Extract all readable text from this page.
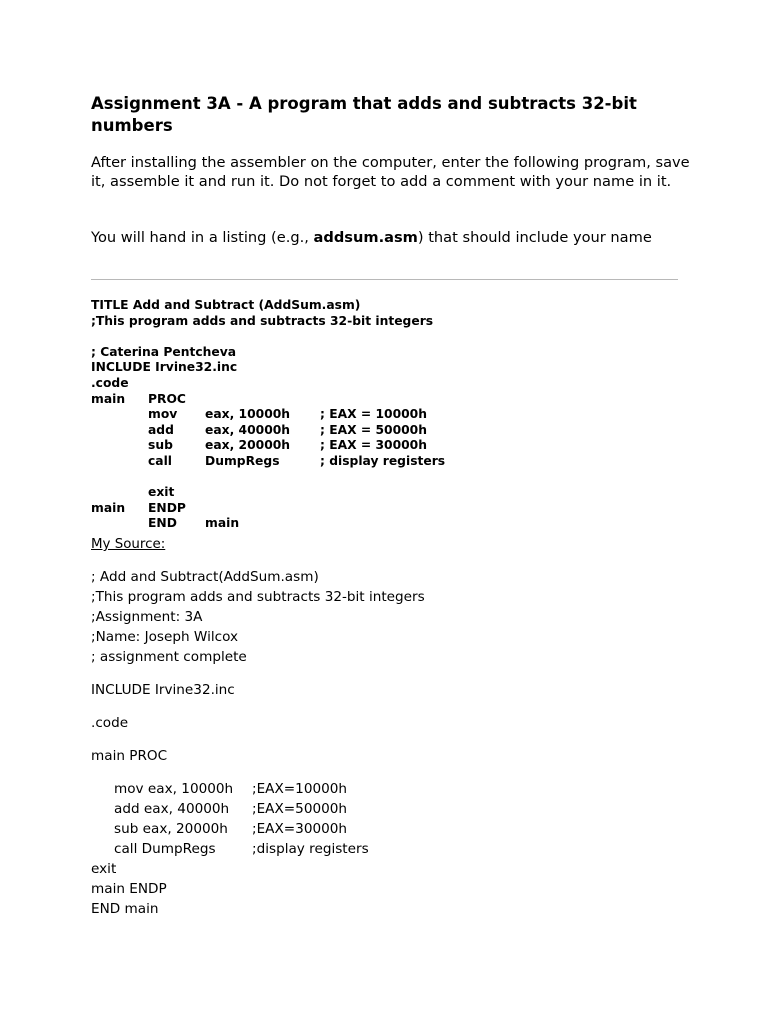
Assignment 3A - A program that adds and subtracts 32-bit numbers

After installing the assembler on the computer, enter the following program, save it, assemble it and run it. Do not forget to add a comment with your name in it.

You will hand in a listing (e.g., addsum.asm) that should include your name

TITLE Add and Subtract (AddSum.asm)
;This program adds and subtracts 32-bit integers
; Caterina Pentcheva
INCLUDE Irvine32.inc
.code
main PROC
mov eax, 10000h ; EAX = 10000h
add	eax, 40000h ; EAX = 50000h
sub	eax, 20000h ; EAX = 30000h
call	DumpRegs	; display registers
exit
main ENDP
END main
My Source:
; Add and Subtract(AddSum.asm)
;This program adds and subtracts 32-bit integers
;Assignment: 3A
;Name: Joseph Wilcox
; assignment complete
INCLUDE Irvine32.inc
.code
main PROC
mov eax, 10000h ;EAX=10000h
add eax, 40000h ;EAX=50000h
sub eax, 20000h ;EAX=30000h
call DumpRegs	;display registers
exit
main ENDP
END main
